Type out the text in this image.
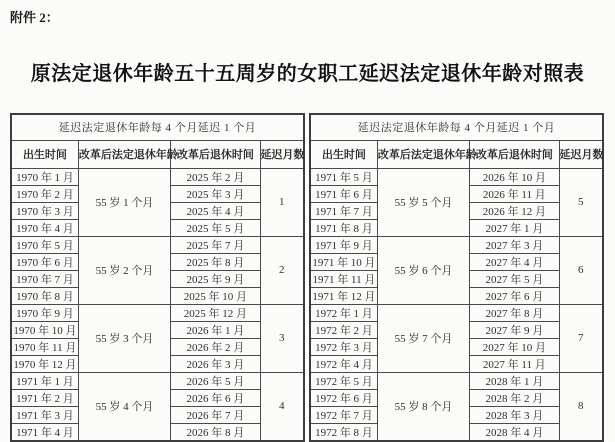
附件 2：
原法定退休年龄五十五周岁的女职工延迟法定退休年龄对照表
延迟法定退休年龄每 4 个月延迟 1 个月			
出生时间	改革后法定退休年龄	改革后退休时间	延迟月数
1970 年 1 月	55 岁 1 个月	2025 年 2 月	1
1970 年 2 月		2025 年 3 月	
1970 年 3 月		2025 年 4 月	
1970 年 4 月		2025 年 5 月	
1970 年 5 月	55 岁 2 个月	2025 年 7 月	2
1970 年 6 月		2025 年 8 月	
1970 年 7 月		2025 年 9 月	
1970 年 8 月		2025 年 10 月	
1970 年 9 月	55 岁 3 个月	2025 年 12 月	3
1970 年 10 月		2026 年 1 月	
1970 年 11 月		2026 年 2 月	
1970 年 12 月		2026 年 3 月	
1971 年 1 月	55 岁 4 个月	2026 年 5 月	4
1971 年 2 月		2026 年 6 月	
1971 年 3 月		2026 年 7 月	
1971 年 4 月		2026 年 8 月	
延迟法定退休年龄每 4 个月延迟 1 个月			
出生时间	改革后法定退休年龄	改革后退休时间	延迟月数
1971 年 5 月	55 岁 5 个月	2026 年 10 月	5
1971 年 6 月		2026 年 11 月	
1971 年 7 月		2026 年 12 月	
1971 年 8 月		2027 年 1 月	
1971 年 9 月	55 岁 6 个月	2027 年 3 月	6
1971 年 10 月		2027 年 4 月	
1971 年 11 月		2027 年 5 月	
1971 年 12 月		2027 年 6 月	
1972 年 1 月	55 岁 7 个月	2027 年 8 月	7
1972 年 2 月		2027 年 9 月	
1972 年 3 月		2027 年 10 月	
1972 年 4 月		2027 年 11 月	
1972 年 5 月	55 岁 8 个月	2028 年 1 月	8
1972 年 6 月		2028 年 2 月	
1972 年 7 月		2028 年 3 月	
1972 年 8 月		2028 年 4 月	
